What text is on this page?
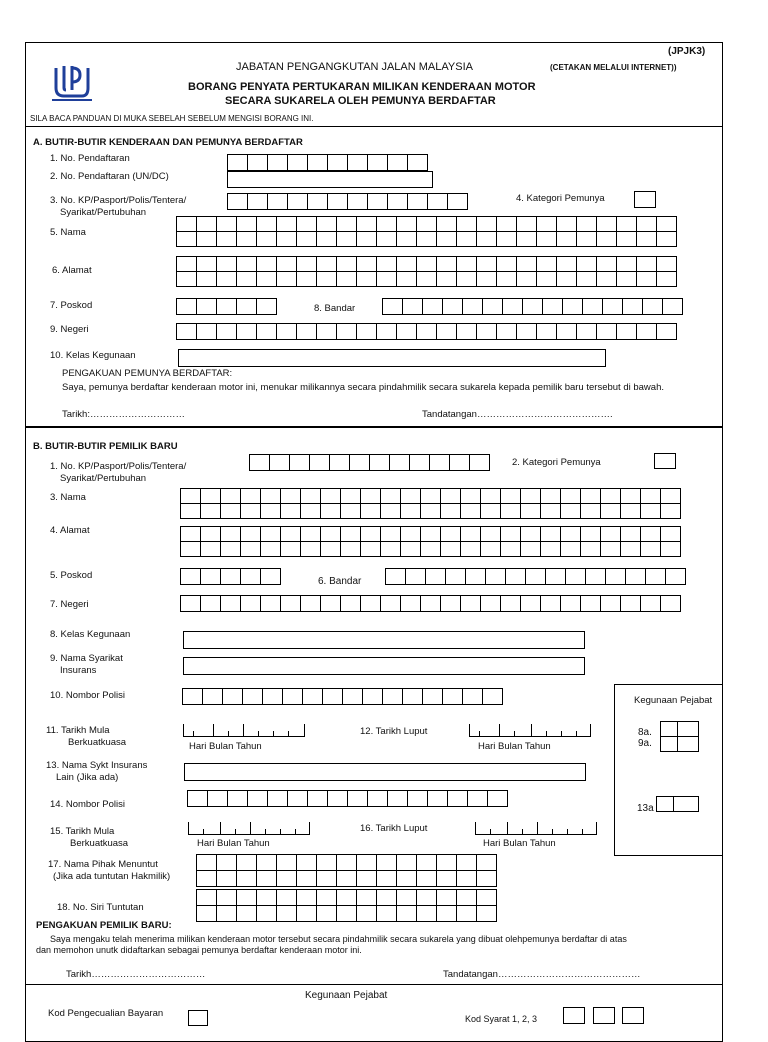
(JPJK3)
(CETAKAN MELALUI INTERNET))
JABATAN PENGANGKUTAN JALAN MALAYSIA
BORANG PENYATA PERTUKARAN MILIKAN KENDERAAN MOTOR
SECARA SUKARELA OLEH PEMUNYA BERDAFTAR
SILA BACA PANDUAN DI MUKA SEBELAH SEBELUM MENGISI BORANG INI.
A. BUTIR-BUTIR KENDERAAN DAN PEMUNYA BERDAFTAR
1. No. Pendaftaran
2. No. Pendaftaran (UN/DC)
3. No. KP/Pasport/Polis/Tentera/
Syarikat/Pertubuhan
4. Kategori Pemunya
5. Nama
6. Alamat
7. Poskod	8. Bandar
9. Negeri
10. Kelas Kegunaan
PENGAKUAN PEMUNYA BERDAFTAR:
Saya, pemunya berdaftar kenderaan motor ini, menukar milikannya secara pindahmilik secara sukarela kepada pemilik baru tersebut di bawah.
Tarikh:…………………………	Tandatangan…………………………………….
B. BUTIR-BUTIR PEMILIK BARU
1. No. KP/Pasport/Polis/Tentera/
Syarikat/Pertubuhan
2. Kategori Pemunya
3. Nama
4. Alamat
5. Poskod
6. Bandar
7. Negeri
8. Kelas Kegunaan
9. Nama Syarikat
Insurans
10. Nombor Polisi	Kegunaan Pejabat
8a.
9a.
13a
11. Tarikh Mula
Berkuatkuasa	Hari Bulan Tahun
12. Tarikh Luput
Hari Bulan Tahun
13. Nama Sykt Insurans
Lain (Jika ada)
14. Nombor Polisi
15. Tarikh Mula
Berkuatkuasa	Hari Bulan Tahun
16. Tarikh Luput
Hari Bulan Tahun
17. Nama Pihak Menuntut
(Jika ada tuntutan Hakmilik)
18. No. Siri Tuntutan
PENGAKUAN PEMILIK BARU:
Saya mengaku telah menerima milikan kenderaan motor tersebut secara pindahmilik secara sukarela yang dibuat olehpemunya berdaftar di atas
dan memohon unutk didaftarkan sebagai pemunya berdaftar kenderaan motor ini.
Tarikh………………………………	Tandatangan………………………………………
Kegunaan Pejabat
Kod Pengecualian Bayaran	Kod Syarat 1, 2, 3
